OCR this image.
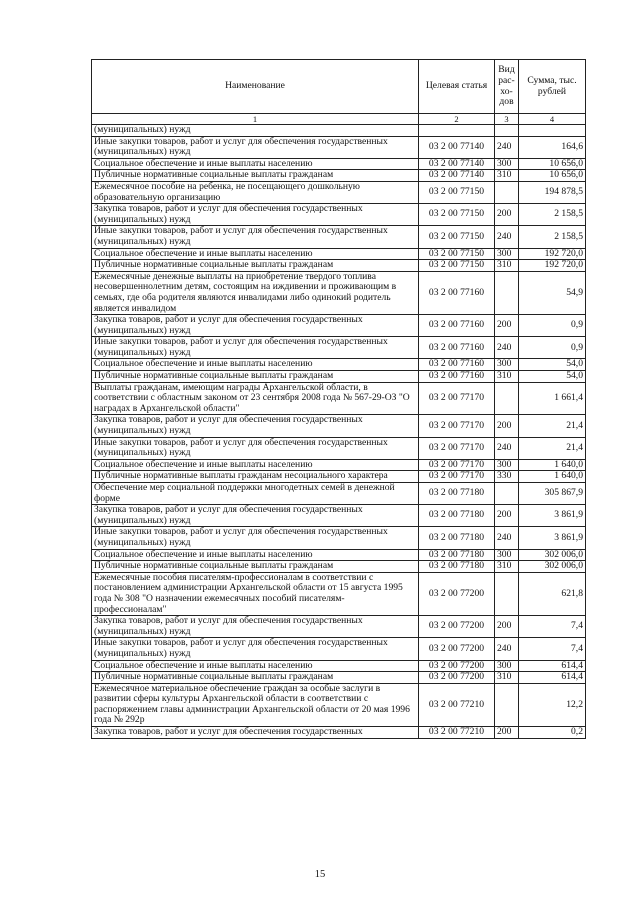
Наименование	Целевая статья	Вид рас- хо- дов	Сумма, тыс. рублей
1	2	3	4
(муниципальных) нужд			
Иные закупки товаров, работ и услуг для обеспечения государственных (муниципальных) нужд	03 2 00 77140	240	164,6
Социальное обеспечение и иные выплаты населению	03 2 00 77140	300	10 656,0
Публичные нормативные социальные выплаты гражданам	03 2 00 77140	310	10 656,0
Ежемесячное пособие на ребенка, не посещающего дошкольную образовательную организацию	03 2 00 77150		194 878,5
Закупка товаров, работ и услуг для обеспечения государственных (муниципальных) нужд	03 2 00 77150	200	2 158,5
Иные закупки товаров, работ и услуг для обеспечения государственных (муниципальных) нужд	03 2 00 77150	240	2 158,5
Социальное обеспечение и иные выплаты населению	03 2 00 77150	300	192 720,0
Публичные нормативные социальные выплаты гражданам	03 2 00 77150	310	192 720,0
Ежемесячные денежные выплаты на приобретение твердого топлива несовершеннолетним детям, состоящим на иждивении и проживающим в семьях, где оба родителя являются инвалидами либо одинокий родитель является инвалидом	03 2 00 77160		54,9
Закупка товаров, работ и услуг для обеспечения государственных (муниципальных) нужд	03 2 00 77160	200	0,9
Иные закупки товаров, работ и услуг для обеспечения государственных (муниципальных) нужд	03 2 00 77160	240	0,9
Социальное обеспечение и иные выплаты населению	03 2 00 77160	300	54,0
Публичные нормативные социальные выплаты гражданам	03 2 00 77160	310	54,0
Выплаты гражданам, имеющим награды Архангельской области, в соответствии с областным законом от 23 сентября 2008 года № 567-29-ОЗ "О наградах в Архангельской области"	03 2 00 77170		1 661,4
Закупка товаров, работ и услуг для обеспечения государственных (муниципальных) нужд	03 2 00 77170	200	21,4
Иные закупки товаров, работ и услуг для обеспечения государственных (муниципальных) нужд	03 2 00 77170	240	21,4
Социальное обеспечение и иные выплаты населению	03 2 00 77170	300	1 640,0
Публичные нормативные выплаты гражданам несоциального характера	03 2 00 77170	330	1 640,0
Обеспечение мер социальной поддержки многодетных семей в денежной форме	03 2 00 77180		305 867,9
Закупка товаров, работ и услуг для обеспечения государственных (муниципальных) нужд	03 2 00 77180	200	3 861,9
Иные закупки товаров, работ и услуг для обеспечения государственных (муниципальных) нужд	03 2 00 77180	240	3 861,9
Социальное обеспечение и иные выплаты населению	03 2 00 77180	300	302 006,0
Публичные нормативные социальные выплаты гражданам	03 2 00 77180	310	302 006,0
Ежемесячные пособия писателям-профессионалам в соответствии с постановлением администрации Архангельской области от 15 августа 1995 года № 308 "О назначении ежемесячных пособий писателям-профессионалам"	03 2 00 77200		621,8
Закупка товаров, работ и услуг для обеспечения государственных (муниципальных) нужд	03 2 00 77200	200	7,4
Иные закупки товаров, работ и услуг для обеспечения государственных (муниципальных) нужд	03 2 00 77200	240	7,4
Социальное обеспечение и иные выплаты населению	03 2 00 77200	300	614,4
Публичные нормативные социальные выплаты гражданам	03 2 00 77200	310	614,4
Ежемесячное материальное обеспечение граждан за особые заслуги в развитии сферы культуры Архангельской области в соответствии с распоряжением главы администрации Архангельской области от 20 мая 1996 года № 292р	03 2 00 77210		12,2
Закупка товаров, работ и услуг для обеспечения государственных	03 2 00 77210	200	0,2
15
